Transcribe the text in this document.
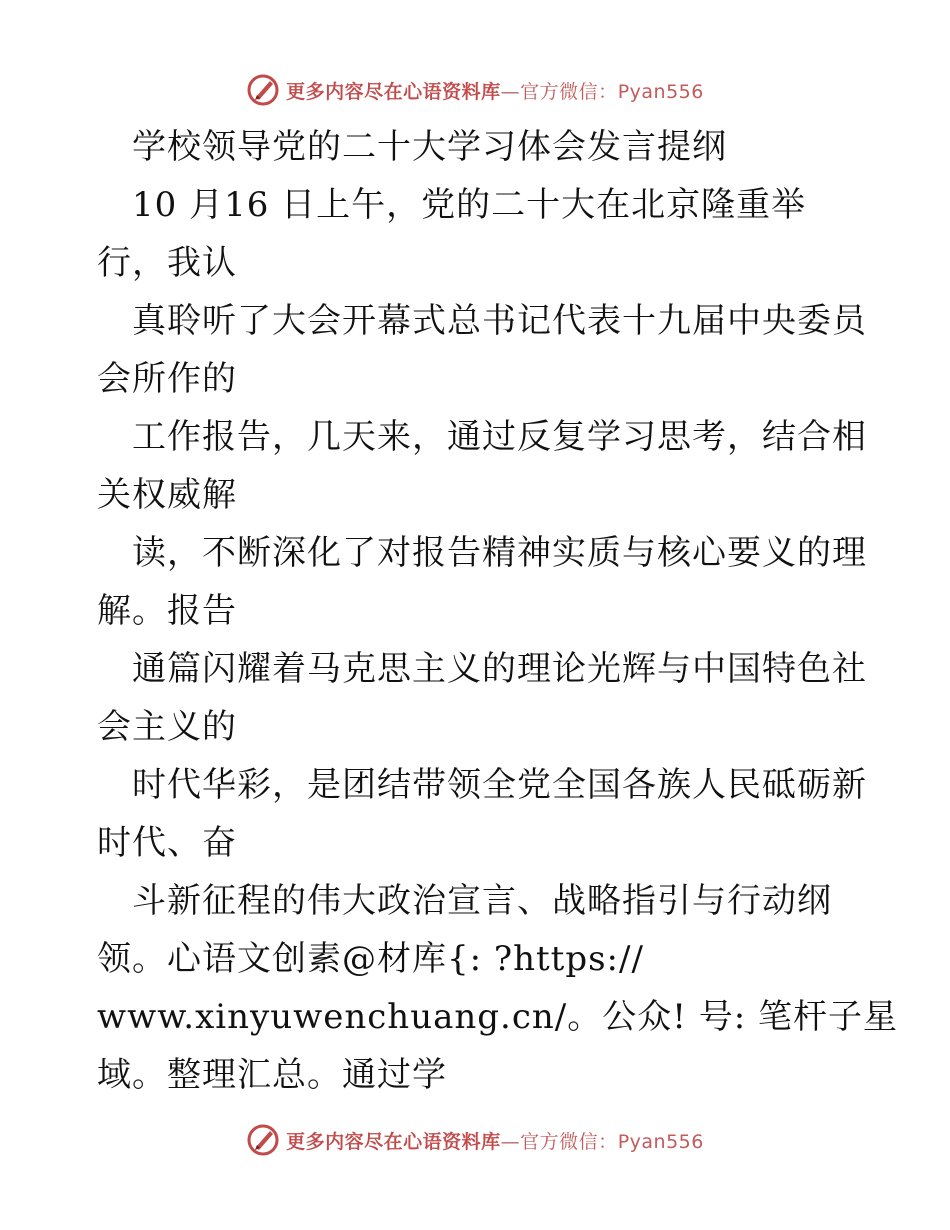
更多内容尽在心语资料库—官方微信：Pyan556
　学校领导党的二十大学习体会发言提纲
　10 月16 日上午，党的二十大在北京隆重举
行，我认
　真聆听了大会开幕式总书记代表十九届中央委员
会所作的
　工作报告，几天来，通过反复学习思考，结合相
关权威解
　读，不断深化了对报告精神实质与核心要义的理
解。报告
　通篇闪耀着马克思主义的理论光辉与中国特色社
会主义的
　时代华彩，是团结带领全党全国各族人民砥砺新
时代、奋
　斗新征程的伟大政治宣言、战略指引与行动纲
领。心语文创素@材库{: ?https://
www.xinyuwenchuang.cn/。公众! 号: 笔杆子星
域。整理汇总。通过学
更多内容尽在心语资料库—官方微信：Pyan556
